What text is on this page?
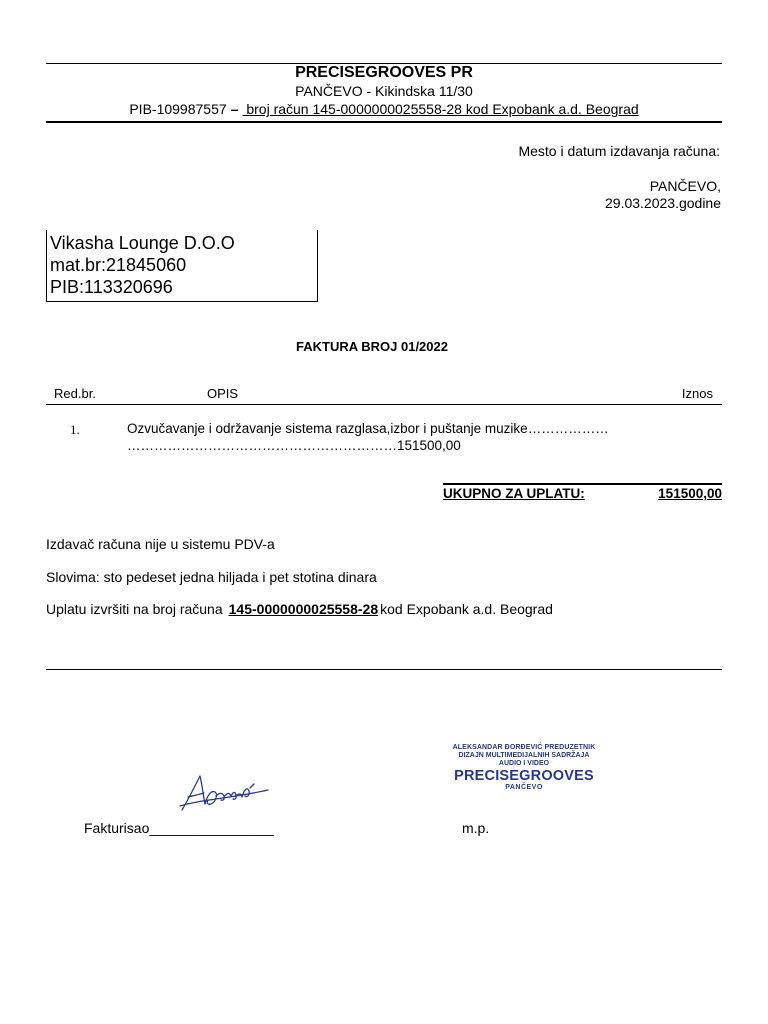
PRECISEGROOVES PR
PANČEVO - Kikindska 11/30
PIB-109987557 – broj račun 145-0000000025558-28 kod Expobank a.d. Beograd
Mesto i datum izdavanja računa:
PANČEVO,
29.03.2023.godine
Vikasha Lounge D.O.O
mat.br:21845060
PIB:113320696
FAKTURA BROJ 01/2022
Red.br.	OPIS	Iznos
1.	Ozvučavanje i održavanje sistema razglasa,izbor i puštanje muzike………………
……………………………………………………151500,00
UKUPNO ZA UPLATU:	151500,00
Izdavač računa nije u sistemu PDV-a
Slovima: sto pedeset jedna hiljada i pet stotina dinara
Uplatu izvršiti na broj računa 145-0000000025558-28 kod Expobank a.d. Beograd
ALEKSANDAR ĐORĐEVIĆ PREDUZETNIK
DIZAJN MULTIMEDIJALNIH SADRŽAJA
AUDIO I VIDEO
PRECISEGROOVES
PANČEVO
Fakturisao________________	m.p.
